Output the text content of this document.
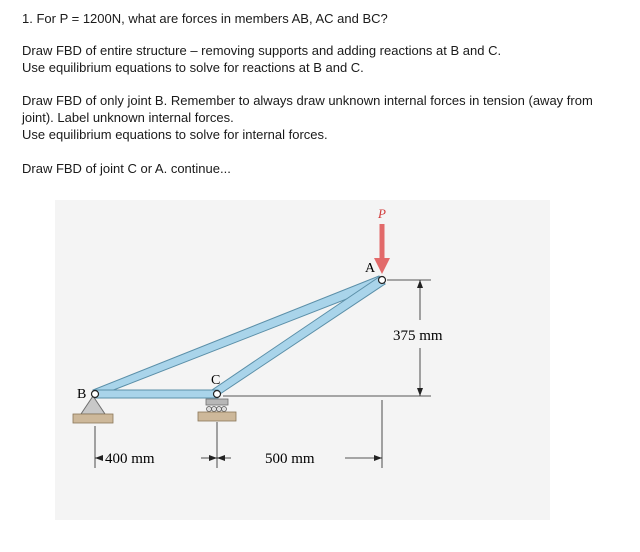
1. For P = 1200N, what are forces in members AB, AC and BC?
Draw FBD of entire structure – removing supports and adding reactions at B and C.
Use equilibrium equations to solve for reactions at B and C.
Draw FBD of only joint B. Remember to always draw unknown internal forces in tension (away from
joint). Label unknown internal forces.
Use equilibrium equations to solve for internal forces.
Draw FBD of joint C or A. continue...
P
A
B
C
375 mm
400 mm	500 mm
